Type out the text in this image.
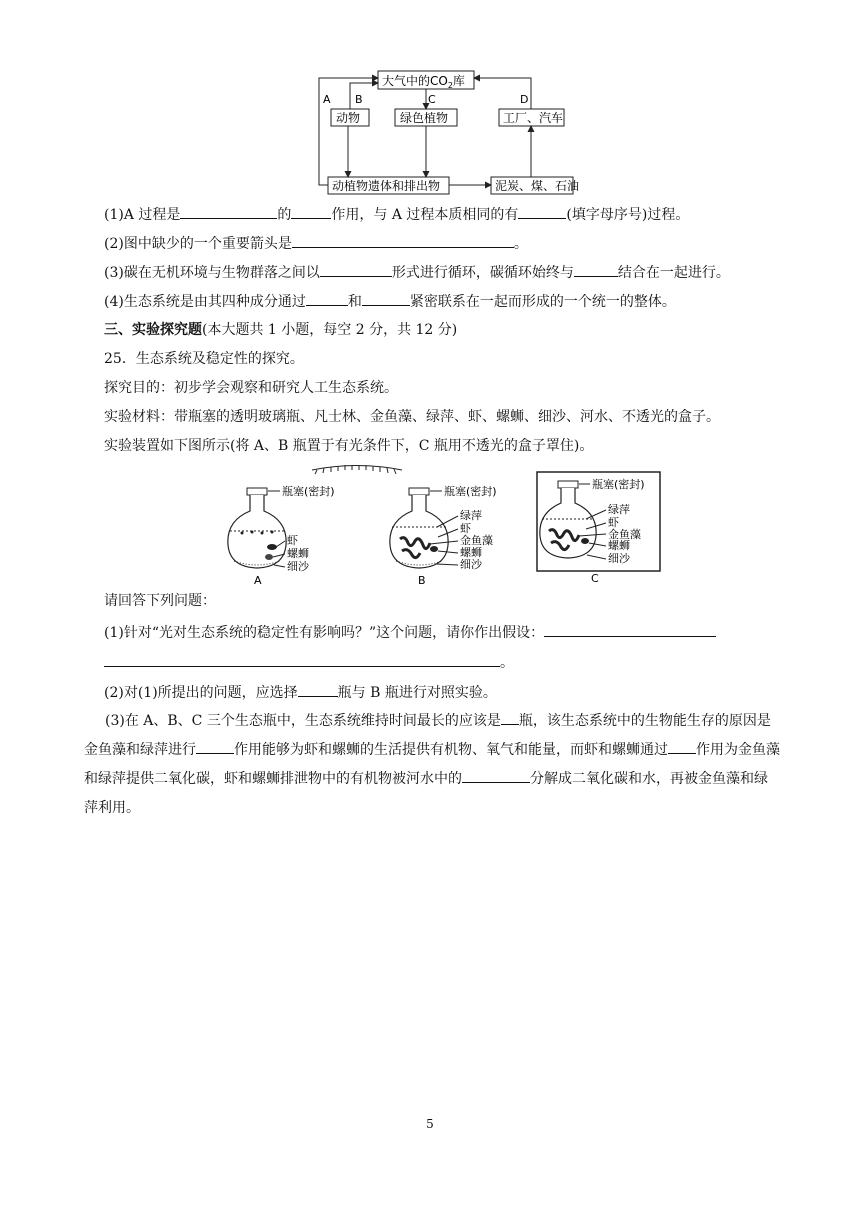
大气中的$CO_2$库
动物	绿色植物	工厂、汽车
动植物遗体和排出物	泥炭、煤、石油
A B	C	D
(1)A 过程是	的	作用，与 A 过程本质相同的有	(填字母序号)过程。
(2)图中缺少的一个重要箭头是	。
(3)碳在无机环境与生物群落之间以	形式进行循环，碳循环始终与	结合在一起进行。
(4)生态系统是由其四种成分通过	和	紧密联系在一起而形成的一个统一的整体。
三、实验探究题(本大题共 1 小题，每空 2 分，共 12 分)
25．生态系统及稳定性的探究。
探究目的：初步学会观察和研究人工生态系统。
实验材料：带瓶塞的透明玻璃瓶、凡士林、金鱼藻、绿萍、虾、螺蛳、细沙、河水、不透光的盒子。
实验装置如下图所示(将 A、B 瓶置于有光条件下，C 瓶用不透光的盒子罩住)。
瓶塞(密封)
虾
螺蛳
细沙
A
瓶塞(密封)
绿萍
虾
金鱼藻
螺蛳
细沙
B
瓶塞(密封)
绿萍
虾
金鱼藻
螺蛳
细沙
C
请回答下列问题：
(1)针对“光对生态系统的稳定性有影响吗？”这个问题，请你作出假设：
。
(2)对(1)所提出的问题，应选择	瓶与 B 瓶进行对照实验。
(3)在 A、B、C 三个生态瓶中，生态系统维持时间最长的应该是 瓶，该生态系统中的生物能生存的原因是金鱼藻和绿萍进行	作用能够为虾和螺蛳的生活提供有机物、氧气和能量，而虾和螺蛳通过 作用为金鱼藻和绿萍提供二氧化碳，虾和螺蛳排泄物中的有机物被河水中的	分解成二氧化碳和水，再被金鱼藻和绿萍利用。
5
